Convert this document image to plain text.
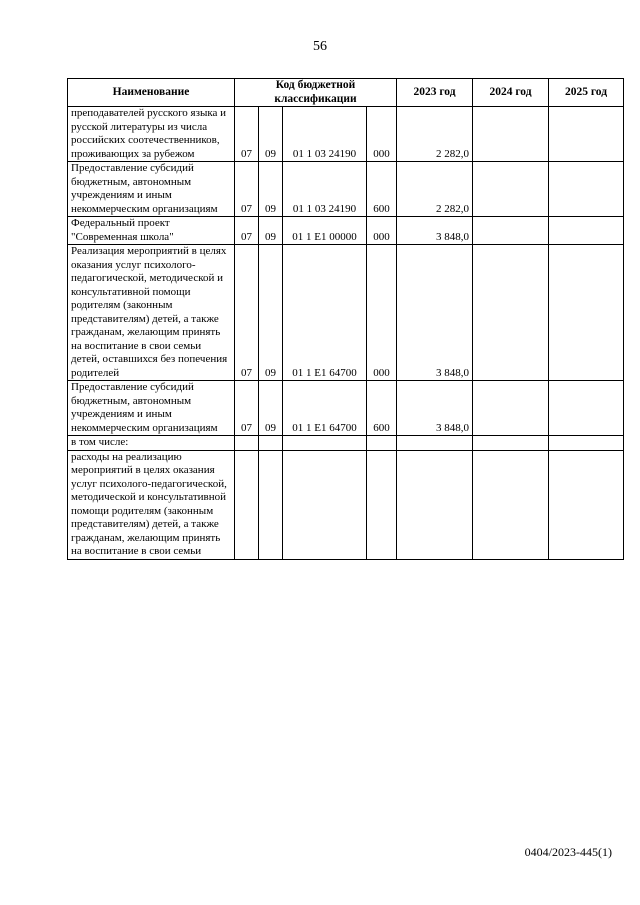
56
Наименование	Код бюджетной классификации				2023 год	2024 год	2025 год
преподавателей русского языка и русской литературы из числа российских соотечественников, проживающих за рубежом	07	09	01 1 03 24190	000	2 282,0		
Предоставление субсидий бюджетным, автономным учреждениям и иным некоммерческим организациям	07	09	01 1 03 24190	600	2 282,0		
Федеральный проект "Современная школа"	07	09	01 1 E1 00000	000	3 848,0		
Реализация мероприятий в целях оказания услуг психолого-педагогической, методической и консультативной помощи родителям (законным представителям) детей, а также гражданам, желающим принять на воспитание в свои семьи детей, оставшихся без попечения родителей	07	09	01 1 E1 64700	000	3 848,0		
Предоставление субсидий бюджетным, автономным учреждениям и иным некоммерческим организациям	07	09	01 1 E1 64700	600	3 848,0		
в том числе:							
расходы на реализацию мероприятий в целях оказания услуг психолого-педагогической, методической и консультативной помощи родителям (законным представителям) детей, а также гражданам, желающим принять на воспитание в свои семьи							
0404/2023-445(1)
